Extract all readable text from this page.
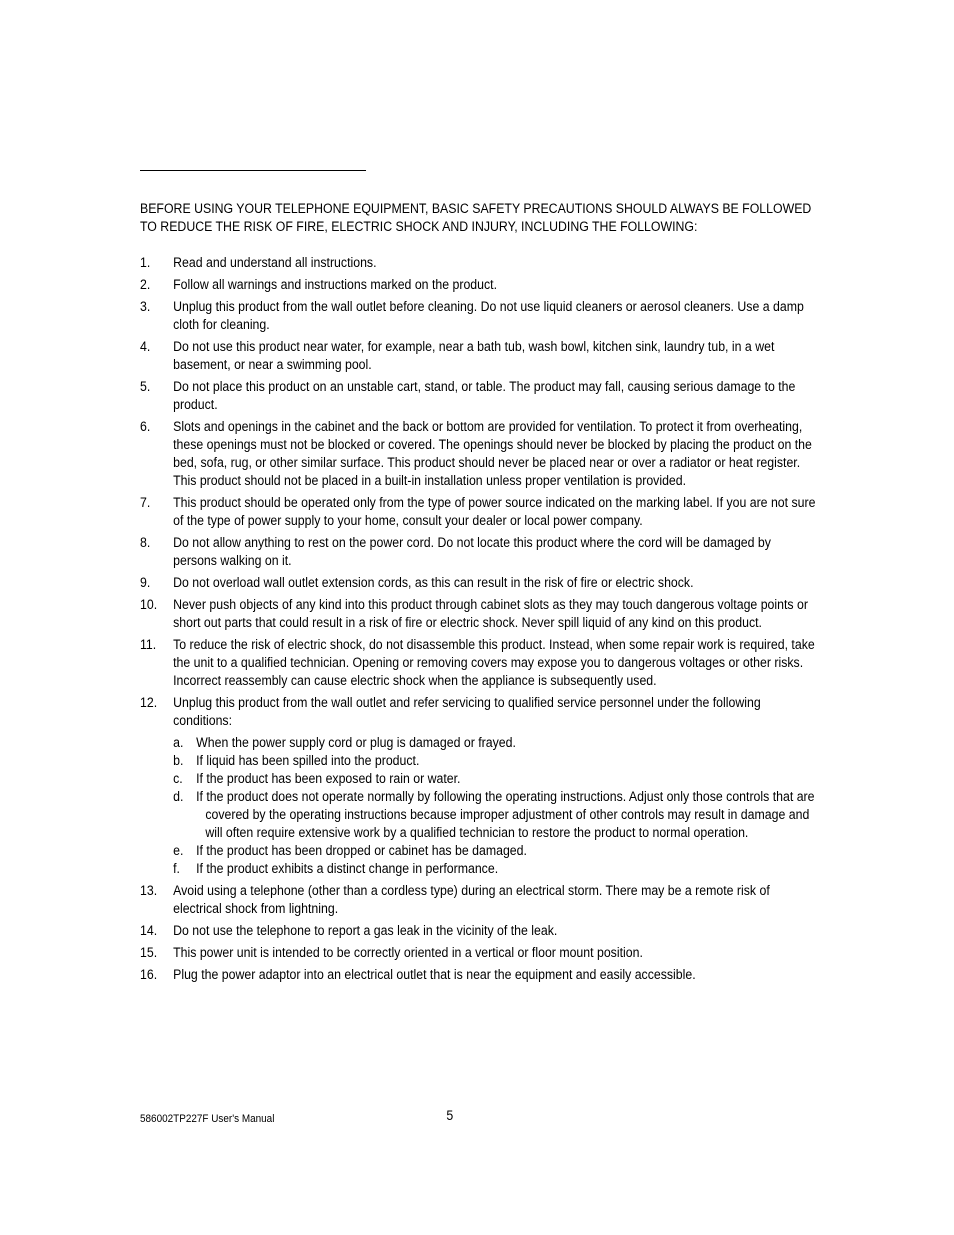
BEFORE USING YOUR TELEPHONE EQUIPMENT, BASIC SAFETY PRECAUTIONS SHOULD ALWAYS BE FOLLOWED TO REDUCE THE RISK OF FIRE, ELECTRIC SHOCK AND INJURY, INCLUDING THE FOLLOWING:

1. Read and understand all instructions.
2. Follow all warnings and instructions marked on the product.
3. Unplug this product from the wall outlet before cleaning. Do not use liquid cleaners or aerosol cleaners. Use a damp cloth for cleaning.
4. Do not use this product near water, for example, near a bath tub, wash bowl, kitchen sink, laundry tub, in a wet basement, or near a swimming pool.
5. Do not place this product on an unstable cart, stand, or table. The product may fall, causing serious damage to the product.
6. Slots and openings in the cabinet and the back or bottom are provided for ventilation. To protect it from overheating, these openings must not be blocked or covered. The openings should never be blocked by placing the product on the bed, sofa, rug, or other similar surface. This product should never be placed near or over a radiator or heat register. This product should not be placed in a built-in installation unless proper ventilation is provided.
7. This product should be operated only from the type of power source indicated on the marking label. If you are not sure of the type of power supply to your home, consult your dealer or local power company.
8. Do not allow anything to rest on the power cord. Do not locate this product where the cord will be damaged by persons walking on it.
9. Do not overload wall outlet extension cords, as this can result in the risk of fire or electric shock.
10. Never push objects of any kind into this product through cabinet slots as they may touch dangerous voltage points or short out parts that could result in a risk of fire or electric shock. Never spill liquid of any kind on this product.
11. To reduce the risk of electric shock, do not disassemble this product. Instead, when some repair work is required, take the unit to a qualified technician. Opening or removing covers may expose you to dangerous voltages or other risks. Incorrect reassembly can cause electric shock when the appliance is subsequently used.
12. Unplug this product from the wall outlet and refer servicing to qualified service personnel under the following conditions:
a. When the power supply cord or plug is damaged or frayed.
b. If liquid has been spilled into the product.
c. If the product has been exposed to rain or water.
d. If the product does not operate normally by following the operating instructions. Adjust only those controls that are covered by the operating instructions because improper adjustment of other controls may result in damage and will often require extensive work by a qualified technician to restore the product to normal operation.
e. If the product has been dropped or cabinet has be damaged.
f. If the product exhibits a distinct change in performance.
13. Avoid using a telephone (other than a cordless type) during an electrical storm. There may be a remote risk of electrical shock from lightning.
14. Do not use the telephone to report a gas leak in the vicinity of the leak.
15. This power unit is intended to be correctly oriented in a vertical or floor mount position.
16. Plug the power adaptor into an electrical outlet that is near the equipment and easily accessible.
586002TP227F User's Manual	5
